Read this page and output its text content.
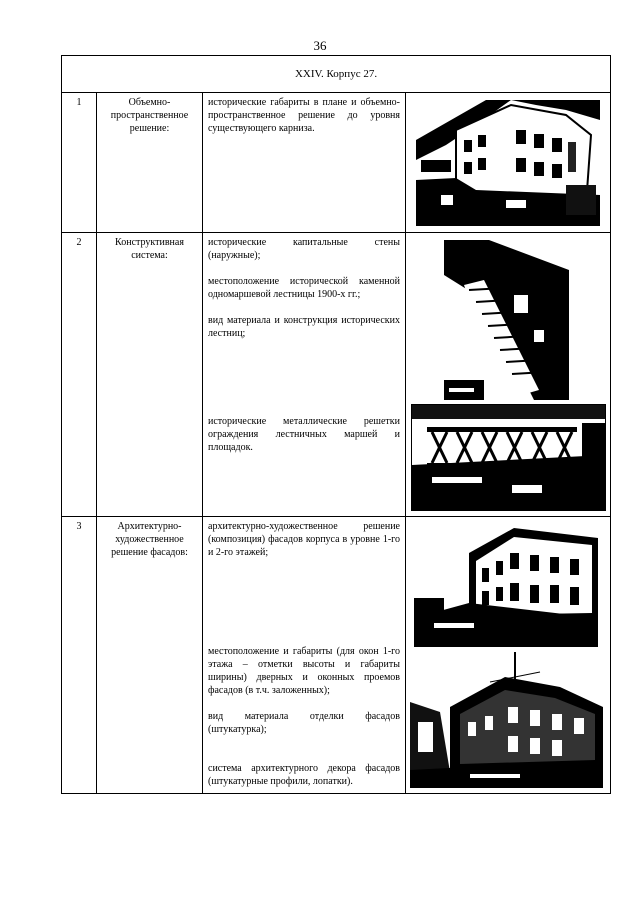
36
XXIV. Корпус 27.			
1	Объемно-пространственное решение:	исторические габариты в плане и объемно-пространственное решение до уровня существующего карниза.

2	Конструктивная система:	исторические капитальные стены (наружные);

местоположение исторической каменной одномаршевой лестницы 1900-х гг.;

вид материала и конструкция исторических лестниц;

исторические металлические решетки ограждения лестничных маршей и площадок.

3	Архитектурно-художественное решение фасадов:	архитектурно-художественное решение (композиция) фасадов корпуса в уровне 1-го и 2-го этажей;

местоположение и габариты (для окон 1-го этажа – отметки высоты и габариты ширины) дверных и оконных проемов фасадов (в т.ч. заложенных);

вид материала отделки фасадов (штукатурка);

система архитектурного декора фасадов (штукатурные профили, лопатки).
